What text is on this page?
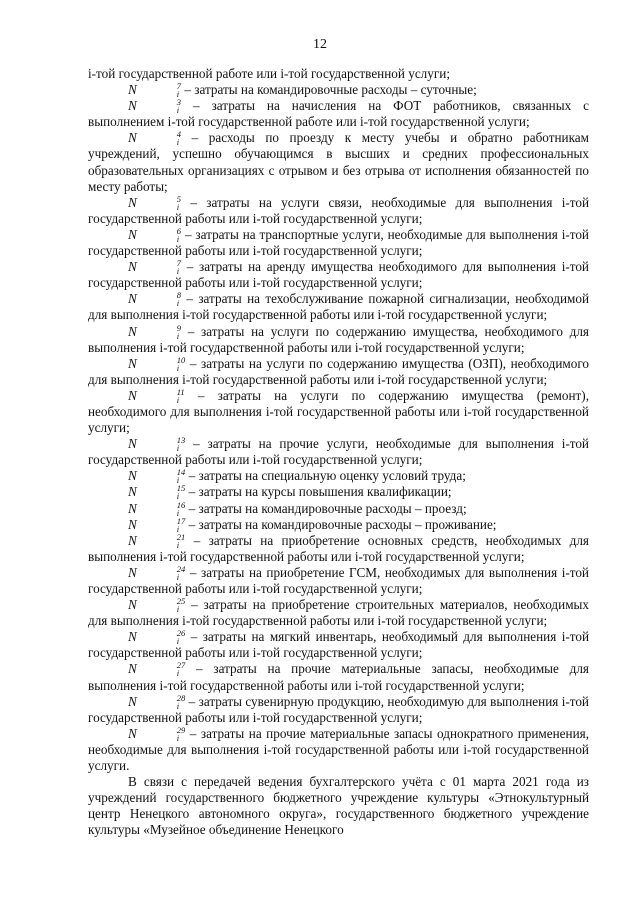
12

i-той государственной работе или i-той государственной услуги;

N	7
i – затраты на командировочные расходы – суточные;

N	3
i – затраты на начисления на ФОТ работников, связанных с выполнением i-той государственной работе или i-той государственной услуги;

N	4
i – расходы по проезду к месту учебы и обратно работникам учреждений, успешно обучающимся в высших и средних профессиональных образовательных организациях с отрывом и без отрыва от исполнения обязанностей по месту работы;

N	5
i – затраты на услуги связи, необходимые для выполнения i-той государственной работы или i-той государственной услуги;

N	6
i – затраты на транспортные услуги, необходимые для выполнения i-той государственной работы или i-той государственной услуги;

N	7
i – затраты на аренду имущества необходимого для выполнения i-той государственной работы или i-той государственной услуги;

N	8
i – затраты на техобслуживание пожарной сигнализации, необходимой для выполнения i-той государственной работы или i-той государственной услуги;

N	9
i – затраты на услуги по содержанию имущества, необходимого для выполнения i-той государственной работы или i-той государственной услуги;

N	10
i – затраты на услуги по содержанию имущества (ОЗП), необходимого для выполнения i-той государственной работы или i-той государственной услуги;

N	11
i – затраты на услуги по содержанию имущества (ремонт), необходимого для выполнения i-той государственной работы или i-той государственной услуги;

N	13
i – затраты на прочие услуги, необходимые для выполнения i-той государственной работы или i-той государственной услуги;

N	14
i – затраты на специальную оценку условий труда;

N	15
i – затраты на курсы повышения квалификации;

N	16
i – затраты на командировочные расходы – проезд;

N	17
i – затраты на командировочные расходы – проживание;

N	21
i – затраты на приобретение основных средств, необходимых для выполнения i-той государственной работы или i-той государственной услуги;

N	24
i – затраты на приобретение ГСМ, необходимых для выполнения i-той государственной работы или i-той государственной услуги;

N	25
i – затраты на приобретение строительных материалов, необходимых для выполнения i-той государственной работы или i-той государственной услуги;

N	26
i – затраты на мягкий инвентарь, необходимый для выполнения i-той государственной работы или i-той государственной услуги;

N	27
i – затраты на прочие материальные запасы, необходимые для выполнения i-той государственной работы или i-той государственной услуги;

N	28
i – затраты сувенирную продукцию, необходимую для выполнения i-той государственной работы или i-той государственной услуги;

N	29
i – затраты на прочие материальные запасы однократного применения, необходимые для выполнения i-той государственной работы или i-той государственной услуги.

В связи с передачей ведения бухгалтерского учёта с 01 марта 2021 года из учреждений государственного бюджетного учреждение культуры «Этнокультурный центр Ненецкого автономного округа», государственного бюджетного учреждение культуры «Музейное объединение Ненецкого
